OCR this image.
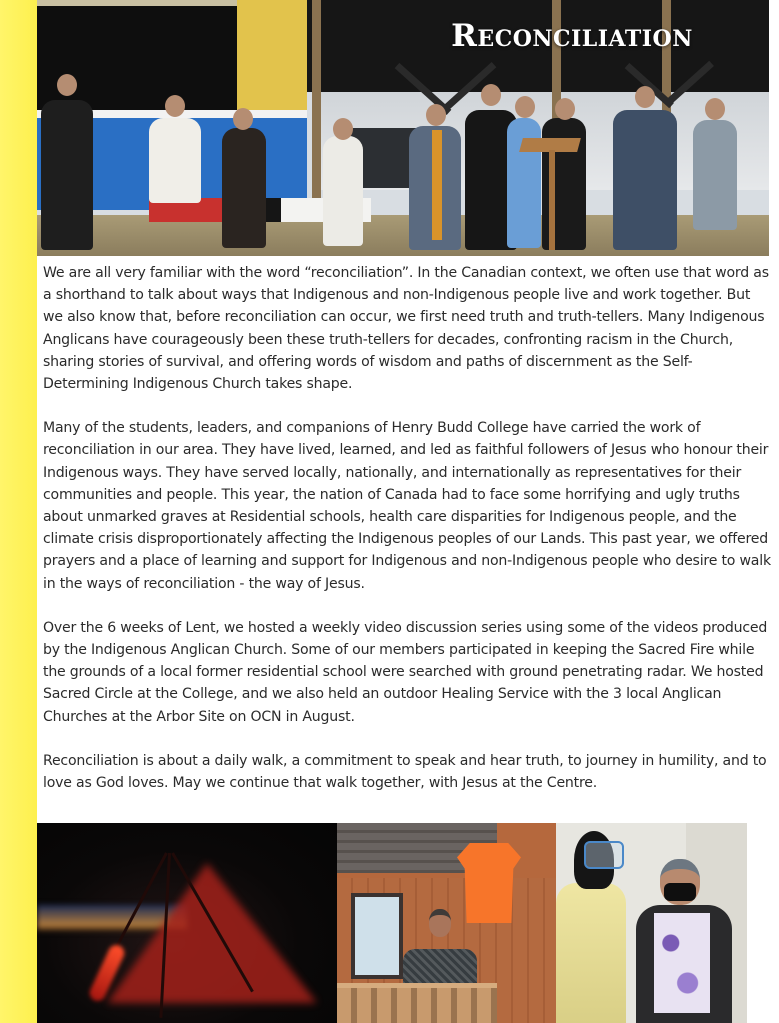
Reconciliation

We are all very familiar with the word “reconciliation”. In the Canadian context, we often use that word as a shorthand to talk about ways that Indigenous and non-Indigenous people live and work together. But we also know that, before reconciliation can occur, we first need truth and truth-tellers. Many Indigenous Anglicans have courageously been these truth-tellers for decades, confronting racism in the Church, sharing stories of survival, and offering words of wisdom and paths of discernment as the Self-Determining Indigenous Church takes shape.

Many of the students, leaders, and companions of Henry Budd College have carried the work of reconciliation in our area. They have lived, learned, and led as faithful followers of Jesus who honour their Indigenous ways. They have served locally, nationally, and internationally as representatives for their communities and people. This year, the nation of Canada had to face some horrifying and ugly truths about unmarked graves at Residential schools, health care disparities for Indigenous people, and the climate crisis disproportionately affecting the Indigenous peoples of our Lands. This past year, we offered prayers and a place of learning and support for Indigenous and non-Indigenous people who desire to walk in the ways of reconciliation - the way of Jesus.

Over the 6 weeks of Lent, we hosted a weekly video discussion series using some of the videos produced by the Indigenous Anglican Church. Some of our members participated in keeping the Sacred Fire while the grounds of a local former residential school were searched with ground penetrating radar. We hosted Sacred Circle at the College, and we also held an outdoor Healing Service with the 3 local Anglican Churches at the Arbor Site on OCN in August.

Reconciliation is about a daily walk, a commitment to speak and hear truth, to journey in humility, and to love as God loves. May we continue that walk together, with Jesus at the Centre.
